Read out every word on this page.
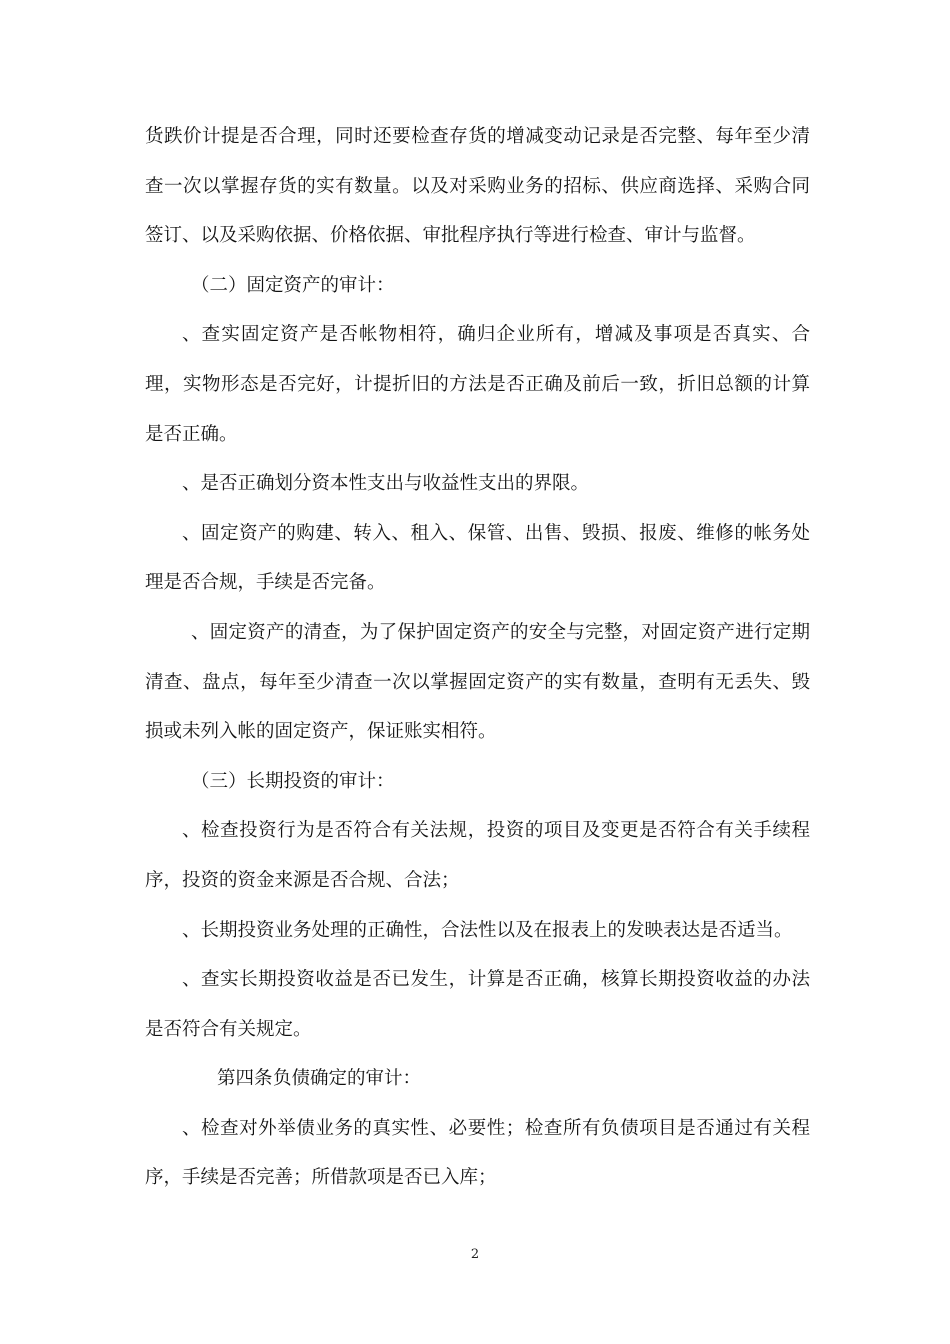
货跌价计提是否合理，同时还要检查存货的增减变动记录是否完整、每年至少清查一次以掌握存货的实有数量。以及对采购业务的招标、供应商选择、采购合同签订、以及采购依据、价格依据、审批程序执行等进行检查、审计与监督。

（二）固定资产的审计：

、查实固定资产是否帐物相符，确归企业所有，增减及事项是否真实、合理，实物形态是否完好，计提折旧的方法是否正确及前后一致，折旧总额的计算是否正确。

、是否正确划分资本性支出与收益性支出的界限。

、固定资产的购建、转入、租入、保管、出售、毁损、报废、维修的帐务处理是否合规，手续是否完备。

、固定资产的清查，为了保护固定资产的安全与完整，对固定资产进行定期清查、盘点，每年至少清查一次以掌握固定资产的实有数量，查明有无丢失、毁损或未列入帐的固定资产，保证账实相符。

（三）长期投资的审计：

、检查投资行为是否符合有关法规，投资的项目及变更是否符合有关手续程序，投资的资金来源是否合规、合法；

、长期投资业务处理的正确性，合法性以及在报表上的发映表达是否适当。

、查实长期投资收益是否已发生，计算是否正确，核算长期投资收益的办法是否符合有关规定。

第四条负债确定的审计：

、检查对外举债业务的真实性、必要性；检查所有负债项目是否通过有关程序，手续是否完善；所借款项是否已入库；

2
